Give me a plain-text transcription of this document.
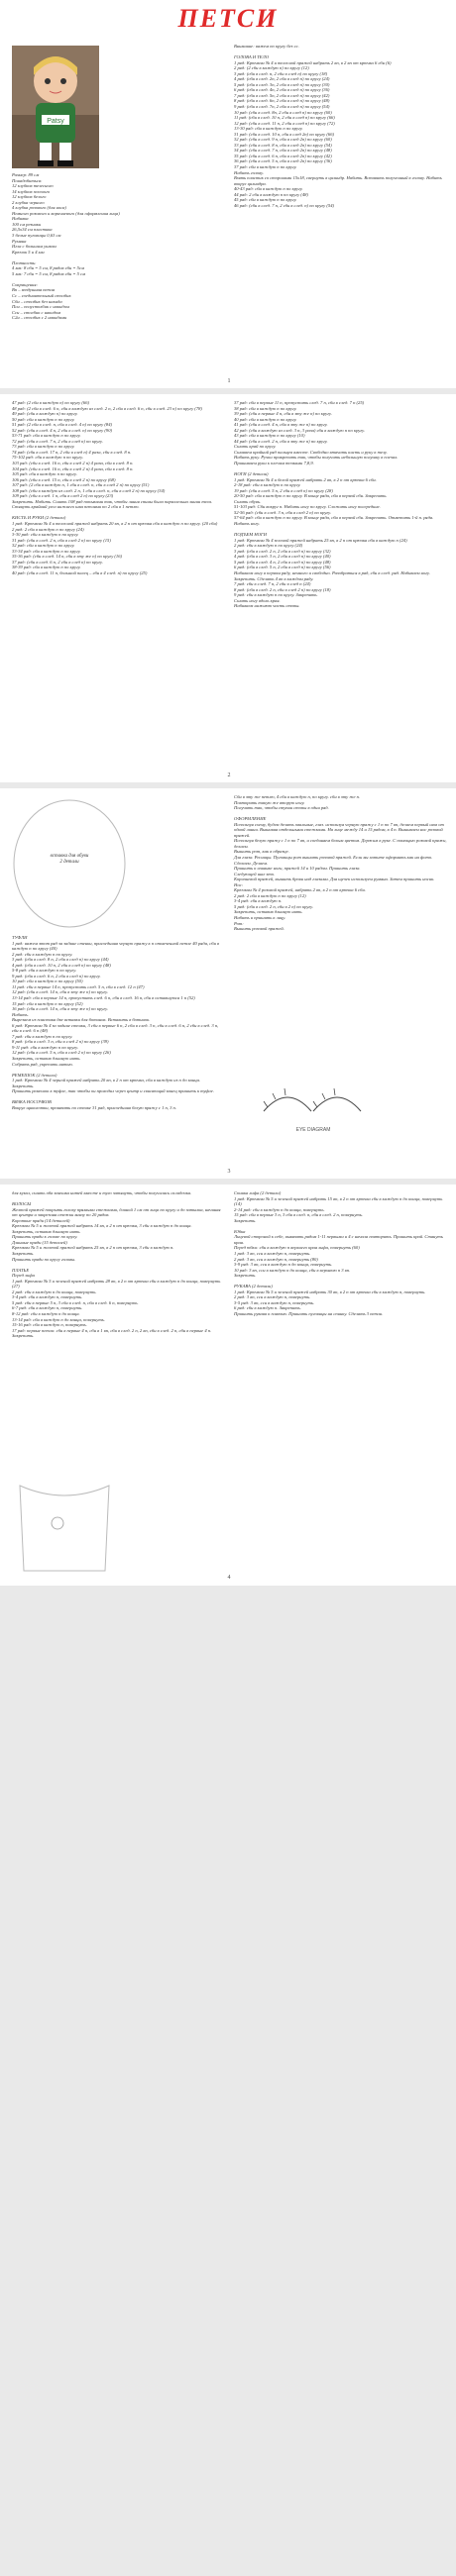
ПЕТСИ
Patsy
Размер: 89 см
Понадобиться:
12 клубков телесного
14 клубков зеленого
12 клубков белого
2 клубка черного
4 клубка розового (для носа)
Немного розового и коричневого (для оформления лица)
Набивка
100 см резинки
26,5х34 см пластика
3 белые пуговицы 0,63 см
Румяна
Игла с большим ушком
Крючок 5 и 4 мм

Плотность:
4 мм: 8 сбн = 5 см, 8 рядов сбн = 5см
5 мм: 7 сбн = 5 см, 8 рядов сбн = 5 см

Сокращения:
Вп – воздушная петля
Сс – соединительный столбик
Сбн – столбик без накида
Псн – полустолбик с накидом
Ссн – столбик с накидом
С2н – столбик с 2 накидами
Внимание: вяжем по кругу без сс.

ГОЛОВА И ТЕЛО
1 ряд: Крючком № 4 и телесной пряжей набрать 2 вп, в 2 вп от крючка 6 сбн (6)
2 ряд: (2 сбн в каждую п) по кругу (12)
3 ряд: (сбн в след. п, 2 сбн в след п) по кругу (18)
4 ряд: (сбн в след. 2п, 2 сбн в след п) по кругу (24)
5 ряд: (сбн в след. 3п, 2 сбн в след п) по кругу (30)
6 ряд: (сбн в след. 4п, 2 сбн в след п) по кругу (36)
7 ряд: (сбн в след. 5п, 2 сбн в след п) по кругу (42)
8 ряд: (сбн в след. 6п, 2 сбн в след п) по кругу (48)
9 ряд: (сбн в след. 7п, 2 сбн в след п) по кругу (54)
10 ряд: (сбн в след. 8п, 2 сбн в след п) по кругу (60)
11 ряд: (сбн в след. 10 п, 2 сбн в след п) по кругу (66)
12 ряд: (сбн в след. 11 п, 2 сбн в след п) по кругу (72)
13-30 ряд: сбн в каждую п по кругу.
31 ряд: (сбн в след. 10 п, сбн в след 2п) по кругу (66)
32 ряд: (сбн в след. 9 п, сбн в след 2п) по кругу (60)
33 ряд: (сбн в след. 8 п, сбн в след 2п) по кругу (54)
34 ряд: (сбн в след. 7 п, сбн в след 2п) по кругу (48)
35 ряд: (сбн в след. 6 п, сбн в след 2п) по кругу (42)
36 ряд: (сбн в след. 5 п, сбн в след 2п) по кругу (36)
37 ряд: сбн в каждую п по кругу.
Набить голову.
Взять пластик со сторонами 15х18, свернуть в цилиндр. Набить. Вставить полученный в голову. Набить вокруг цилиндра.
40-43 ряд: сбн в каждую п по кругу.
44 ряд: 2 сбн в каждую п по кругу (48)
45 ряд: сбн в каждую п по кругу.
46 ряд: (сбн в след. 7 п, 2 сбн в след. п) по кругу (54)
1
47 ряд: (2 сбн в каждую п) по кругу (66)
48 ряд: (2 сбн в след. 6 п, сбн в каждую из след. 2 п, 2 сбн в след. 6 п, сбн в след. 23 п) по кругу (78)
49 ряд: (сбн в каждую п) по кругу.
50 ряд: сбн в каждую п по кругу.
51 ряд: (2 сбн в след. п, сбн в след. 4 п) по кругу (84)
52 ряд: (сбн в след. 4 п, 2 сбн в след. п) по кругу (90)
53-71 ряд: сбн в каждую п по кругу.
72 ряд: (сбн в след. 7 п, 2 сбн в след п) по кругу.
73 ряд: сбн в каждую п по кругу.
74 ряд: (сбн в след. 17 п, 2 сбн в след п) 4 раза, сбн в след. 8 п.
75-102 ряд: сбн в каждую п по кругу.
103 ряд: (сбн в след. 16 п, сбн в след 2 п) 4 раза, сбн в след. 8 п.
104 ряд: (сбн в след. 16 п, сбн в след 2 п) 4 раза, сбн в след. 8 п.
105 ряд: сбн в каждую п по кругу.
106 ряд: (сбн в след. 15 п, сбн в след 2 п) по кругу (68)
107 ряд: (2 сбн в каждую п, 1 сбн в след. п, сбн в след 2 п) по кругу (51)
108 ряд: (сбн в каждую из след. 2 п, 1 сбн в след. п, сбн в след 2 п) по кругу (34)
109 ряд: (сбн в след. 1 п, сбн в след 2 п) по кругу (23)
Закрепить. Набить. Сшить 108 ряд попыками так, чтобы линия спины была параллельна линии тела. Стянуть крайний угол нижнего шва петлями по 2 сбн в 1 петлю.

КИСТЬ И РУКИ (2 детали)
1 ряд: Крючком № 4 и телесной пряжей набрать 20 вп, в 2 п от крючка сбн в каждую п по кругу. (20 сбн)
2 ряд: 2 сбн в каждую п по кругу (24)
3-30 ряд: сбн в каждую п по кругу.
31 ряд: (сбн в след. 2 п, сбн в след 2 п) по кругу (15)
32 ряд: сбн в каждую п по кругу.
33-34 ряд: сбн в каждую п по кругу.
35-36 ряд: (сбн в след. 14 п, сбн в эту же п) по кругу (16)
37 ряд: (сбн в след. 6 п, 2 сбн в след п) по кругу.
38-39 ряд: сбн в каждую п по кругу.
40 ряд: (сбн в след. 11 п, большой палец – сбн в 4 след. п) по кругу (25)
37 ряд: сбн в первые 11 п, пропустить след. 7 п, сбн в след. 7 п (25)
38 ряд: сбн в каждую п по кругу.
39 ряд: (сбн в первые 4 п, сбн в эту же п) по кругу.
40 ряд: сбн в каждую п по кругу.
41 ряд: (сбн в след. 4 п, сбн в эту же п) по кругу.
42 ряд: (сбн в каждую из след. 3 п, 3 раза) сбн в каждую п по кругу.
43 ряд: сбн в каждую п по кругу (10)
44 ряд: (сбн в след. 2 п, сбн в эту же п) по кругу.
Сшить край по кругу.
Сшиваем крайний ряд пальцев вместе. Свободно втачать кисть и руку к телу.
Набить руку. Ручки прикрепить так, чтобы получить небольшую полушку в плечах.
Пришиваем руки к плечам точками 7,8,9.

НОГИ (2 детали)
1 ряд: Крючком № 4 и белой пряжей набрать 2 вп, в 2 п от крючка 6 сбн.
2-18 ряд: сбн в каждую п по кругу.
19 ряд: (сбн в след. 5 п, 2 сбн в след п) по кругу (28)
20-50 ряд: сбн в каждую п по кругу. В конце ряда, сбн в первой сбн. Закрепить.
Сшить обувь.
51-103 ряд: Сбн вокруг п. Набить ногу по кругу. Сложить ногу посередине.
52-56 ряд: (сбн в след. 3 п, сбн в след 2 п) по кругу.
57-64 ряд: сбн в каждую п по кругу. В конце ряда, сбн в первой сбн. Закрепить. Отметить 1-й п. ряда. Набить ногу.

ПОДЪЕМ НОГИ
1 ряд: Крючком № 4 зеленой пряжей набрать 25 вп, в 2 п от крючка сбн в каждую п (24)
2 ряд: сбн в каждую п по кругу (24)
3 ряд: (сбн в след. 2 п, 2 сбн в след п) по кругу (32)
4 ряд: (сбн в след. 3 п, 2 сбн в след п) по кругу (40)
5 ряд: (сбн в след. 4 п, 2 сбн в след п) по кругу (48)
6 ряд: (сбн в след. 5 п, 2 сбн в след п) по кругу (56)
Набиваем ногу в первом ряду, немного и свободно. Разобраться в ряд, сбн в след. ряд. Набиваем ногу. Закрепить. Сделать 4 вп в каждом ряду.
7 ряд: сбн в след. 7 п, 2 сбн в след п (24)
8 ряд: (сбн в след. 2 п, сбн в след 2 п) по кругу (18)
9 ряд: сбн в каждую п по кругу. Закрепить.
Сшить ногу вдоль края.
Набиваем нижнюю часть стопы.
2
вставка для обуви
2 детали
ТУФЛИ
1 ряд: вяжем этот ряд за задние стенки, присоединив черную пряжу к п отмеченной петле 40 ряда, сбн в каждую п по кругу (40)
2 ряд: сбн в каждую п по кругу.
3 ряд: (сбн в след. 8 п, 2 сбн в след п) по кругу (44)
4 ряд: (сбн в след. 10 п, 2 сбн в след п) по кругу (48)
5-8 ряд: сбн в каждую п по кругу.
9 ряд: (сбн в след. 6 п, 2 сбн в след п) по кругу.
10 ряд: сбн в каждую п по кругу (50)
11 ряд: сбн в первые 14 п, пропустить след. 5 п, сбн в след. 12 п (47)
12 ряд: (сбн в след. 14 п, сбн в эту же п) по кругу.
13-14 ряд: сбн в первые 14 п, пропустить след. 6 п, сбн в след. 16 п, сбн в оставшуюся 1 п (52)
15 ряд: сбн в каждую п по кругу (52)
16 ряд: (сбн в след. 14 п, сбн в эту же п) по кругу.
Набить.
Вырезаем из пластика две вставки для ботинок. Вставить в ботинок.
6 ряд: Крючком № 4 за задние стенки, 3 сбн в первые 6 п, 2 сбн в след. 3 п, сбн в след. 6 п, 2 сбн в след. 3 п, сбн в след. 6 п (48)
7 ряд: сбн в каждую п по кругу.
8 ряд: (сбн в след. 3 п, сбн в след 2 п) по кругу (39)
9-11 ряд: сбн в каждую п по кругу.
12 ряд: (сбн в след. 5 п, сбн в след 2 п) по кругу (26)
Закрепить, оставив длинную нить.
Собрать ряд, укрепить нитью.

РЕМЕШОК (2 детали)
1 ряд: Крючком № 4 черной пряжей набрать 20 вп, в 2 п от крючка, сбн в каждую из п до конца. Закрепить.
Пришить ремешок к туфле, так чтобы он проходил через центр и свисающий конец пришить к туфле.

ВЯЗКА НОСОЧКОВ
Вокруг щиколотки, провязать по стенке 31 ряд, присоединив белую пряжу с 1 п, 3 п.
Сбн в эту же петлю, 4 сбн в каждую п, по кругу. сбн в эту же п.
Повторить такую же вторую ногу.
Получить так, чтобы ступни стопы в один ряд.

ОФОРМЛЕНИЕ
Используя схему, будем делать овальные, глаз. используя черную пряжу с 1 п по 7 вп, делаем первый шов от одной линии. Вышивая отдельными стежками. На лице между 14 и 15 рядом, в 4 п. Вышиваем нос розовой пряжей.
Используя белую пряжу с 1 п по 7 вп, и соединяем белым цветом. Держим в руке. С помощью розовой пряжи, делаем.
Вышить рот, как в образце.
Для глаза. Ресницы. Пуговицы рот вышить розовой пряжей. Если вы хотите оформить как на фото.
Сделаем. Делаем.
Пришить к изнанке ноги, пряжей 14 и 10 рядом. Пришить глаза.
Следующей шаг это.
Коричневой пряжей, вышить брови над глазами. Для щечек используем румяна. Затем пришить носик.
Нос:
Крючком № 4 розовой пряжей, набрать 2 вп, в 2 п от крючка 6 сбн.
2 ряд: 2 сбн в каждую п по кругу (12)
3-4 ряд: сбн в каждую п.
5 ряд: (сбн в след. 2 п, сбн в 2 п) по кругу.
Закрепить, оставив длинную нить.
Набить и пришить к лицу.
Рот:
Вышить розовой пряжей.
EYE DIAGRAM
3
для кукол, сшить оба кончика нитей вместе и туго затянуть, чтобы получилась складочка.

ВОЛОСЫ
Желтой пряжей покрыть голову прямыми стежками, длиной 1 см от лица по кругу и до затылка, начиная от центра и закрепляя стежки внизу по 20 рядов.
Короткие пряди (14 деталей)
Крючком № 5 и желтой пряжей набрать 14 вп, в 2 п от крючка, 3 сбн в каждую п до конца.
Закрепить, оставив длинную нить.
Пришить пряди к голове по кругу.
Длинные пряди (15 деталей)
Крючком № 5 и желтой пряжей набрать 25 вп, в 2 п от крючка, 3 сбн в каждую п.
Закрепить.
Пришить пряди по кругу головы.

ПЛАТЬЕ
Перед лифа
1 ряд: Крючком № 5 и зеленой пряжей набрать 28 вп, в 2 п от крючка сбн в каждую п до конца, повернуть (27)
2 ряд: сбн в каждую п до конца, повернуть.
3-4 ряд: сбн в каждую п, повернуть.
5 ряд: сбн в первые 5 п, 3 сбн в след. п, сбн в след. 6 п, повернуть.
6-7 ряд: сбн в каждую п, повернуть.
8-12 ряд: сбн в каждую п до конца.
13-14 ряд: сбн в каждую п до конца, повернуть.
15-16 ряд: сбн в каждую п, повернуть.
17 ряд: первые петли: сбн в первые 4 п, сбн в 1 вп, сбн в след. 2 п, 2 вп, сбн в след. 2 п, сбн в первые 4 п.
Закрепить.
Спинка лифа (2 детали)
1 ряд: Крючком № 5 и зеленой пряжей набрать 15 вп, в 2 п от крючка сбн в каждую п до конца, повернуть (14)
2-14 ряд: сбн в каждую п до конца, повернуть.
15 ряд: сбн в первые 3 п, 3 сбн в след. п, сбн в след. 2 п, повернуть.
Закрепить.

Юбка
Лицевой стороной к себе, вывязать рядом 1-11 первыми и 4 с начала повторить. Пришить край. Стянуть края.
Перед юбки: сбн в каждую п верхнего края лифа, повернуть (60)
1 ряд: 3 вп, ссн в каждую п, повернуть.
2 ряд: 3 вп, ссн в каждую п, повернуть (80)
3-9 ряд: 3 вп, ссн в каждую п до конца, повернуть.
10 ряд: 3 вп, ссн в каждую п до конца, сбн в верхнюю п 3 вп.
Закрепить.

РУКАВА (2 детали)
1 ряд: Крючком № 5 и зеленой пряжей набрать 30 вп, в 2 п от крючка сбн в каждую п, повернуть.
2 ряд: 3 вп, ссн в каждую п, повернуть.
3-5 ряд: 3 вп, ссн в каждую п, повернуть.
6 ряд: сбн в каждую п. Закрепить.
Пришить рукава к платью. Пришить пуговицы на спинку. Сделать 3 петли.
4
